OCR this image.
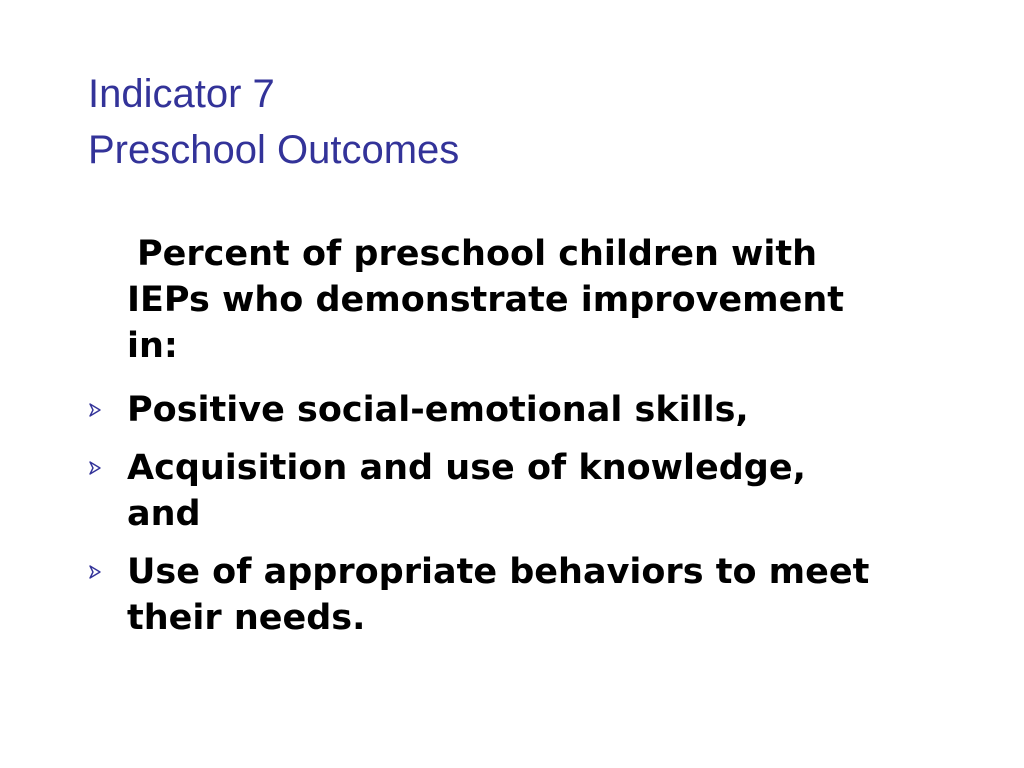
Indicator 7
Preschool Outcomes
Percent of preschool children with
IEPs who demonstrate improvement
in:
Positive social-emotional skills,
Acquisition and use of knowledge,
and
Use of appropriate behaviors to meet
their needs.
